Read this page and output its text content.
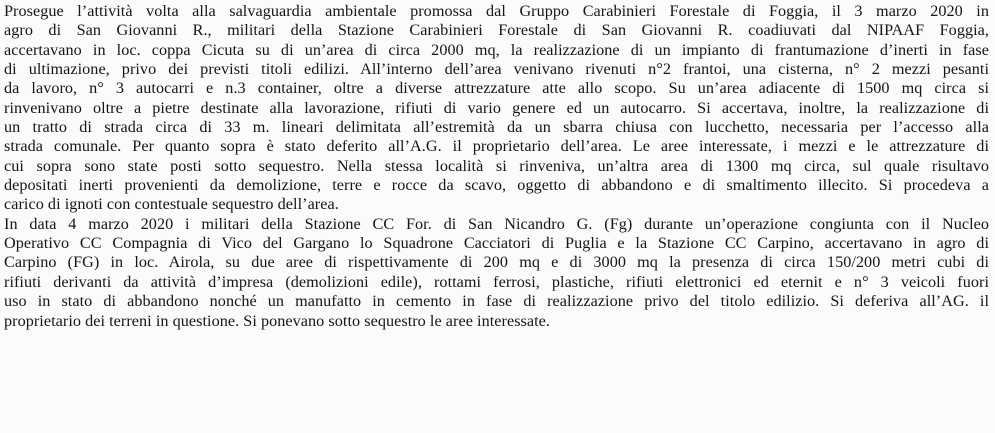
Prosegue l’attività volta alla salvaguardia ambientale promossa dal Gruppo Carabinieri Forestale di Foggia, il 3 marzo 2020 in
agro di San Giovanni R., militari della Stazione Carabinieri Forestale di San Giovanni R. coadiuvati dal NIPAAF Foggia,
accertavano in loc. coppa Cicuta su di un’area di circa 2000 mq, la realizzazione di un impianto di frantumazione d’inerti in fase
di ultimazione, privo dei previsti titoli edilizi. All’interno dell’area venivano rivenuti n°2 frantoi, una cisterna, n° 2 mezzi pesanti
da lavoro, n° 3 autocarri e n.3 container, oltre a diverse attrezzature atte allo scopo. Su un’area adiacente di 1500 mq circa si
rinvenivano oltre a pietre destinate alla lavorazione, rifiuti di vario genere ed un autocarro. Si accertava, inoltre, la realizzazione di
un tratto di strada circa di 33 m. lineari delimitata all’estremità da un sbarra chiusa con lucchetto, necessaria per l’accesso alla
strada comunale. Per quanto sopra è stato deferito all’A.G. il proprietario dell’area. Le aree interessate, i mezzi e le attrezzature di
cui sopra sono state posti sotto sequestro. Nella stessa località si rinveniva, un’altra area di 1300 mq circa, sul quale risultavo
depositati inerti provenienti da demolizione, terre e rocce da scavo, oggetto di abbandono e di smaltimento illecito. Si procedeva a
carico di ignoti con contestuale sequestro dell’area.
In data 4 marzo 2020 i militari della Stazione CC For. di San Nicandro G. (Fg) durante un’operazione congiunta con il Nucleo
Operativo CC Compagnia di Vico del Gargano lo Squadrone Cacciatori di Puglia e la Stazione CC Carpino, accertavano in agro di
Carpino (FG) in loc. Airola, su due aree di rispettivamente di 200 mq e di 3000 mq la presenza di circa 150/200 metri cubi di
rifiuti derivanti da attività d’impresa (demolizioni edile), rottami ferrosi, plastiche, rifiuti elettronici ed eternit e n° 3 veicoli fuori
uso in stato di abbandono nonché un manufatto in cemento in fase di realizzazione privo del titolo edilizio. Si deferiva all’AG. il
proprietario dei terreni in questione. Si ponevano sotto sequestro le aree interessate.
